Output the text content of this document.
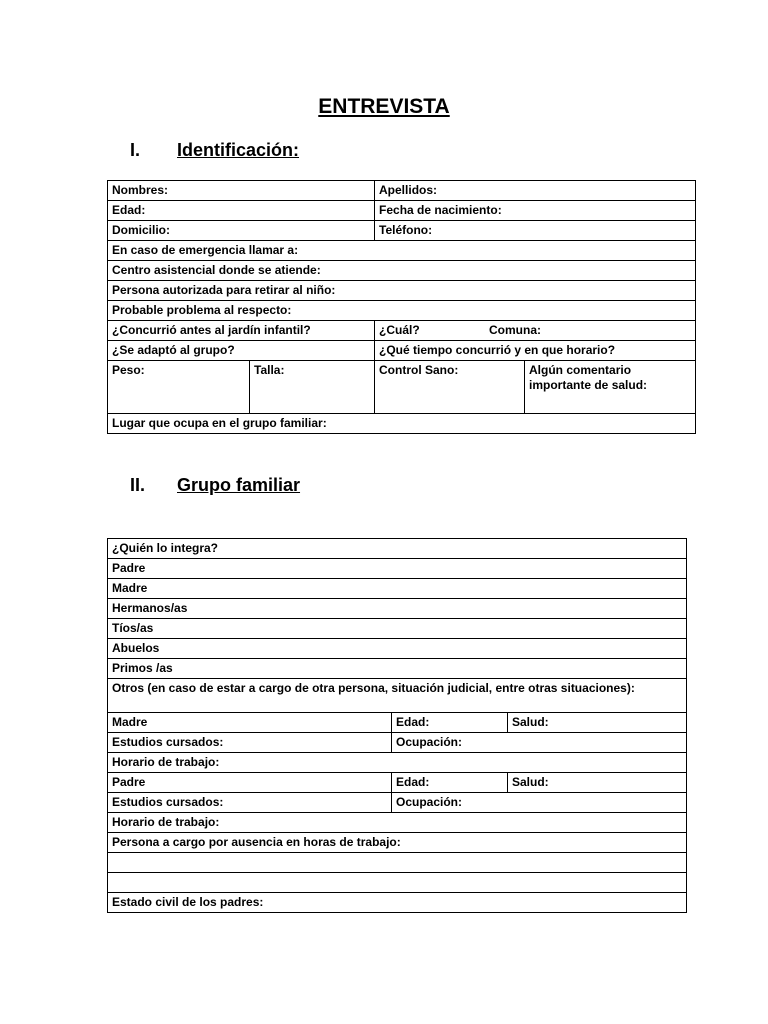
ENTREVISTA
I. Identificación:
Nombres:		Apellidos:	
Edad:		Fecha de nacimiento:	
Domicilio:		Teléfono:	
En caso de emergencia llamar a:			
Centro asistencial donde se atiende:			
Persona autorizada para retirar al niño:			
Probable problema al respecto:			
¿Concurrió antes al jardín infantil?		¿Cuál? Comuna:	
¿Se adaptó al grupo?		¿Qué tiempo concurrió y en que horario?	
Peso:	Talla:	Control Sano:	Algún comentario importante de salud:
Lugar que ocupa en el grupo familiar:			
II. Grupo familiar
¿Quién lo integra?		
Padre		
Madre		
Hermanos/as		
Tíos/as		
Abuelos		
Primos /as		
Otros (en caso de estar a cargo de otra persona, situación judicial, entre otras situaciones):		
Madre	Edad:	Salud:
Estudios cursados:	Ocupación:	
Horario de trabajo:		
Padre	Edad:	Salud:
Estudios cursados:	Ocupación:	
Horario de trabajo:		
Persona a cargo por ausencia en horas de trabajo:		

Estado civil de los padres:		
